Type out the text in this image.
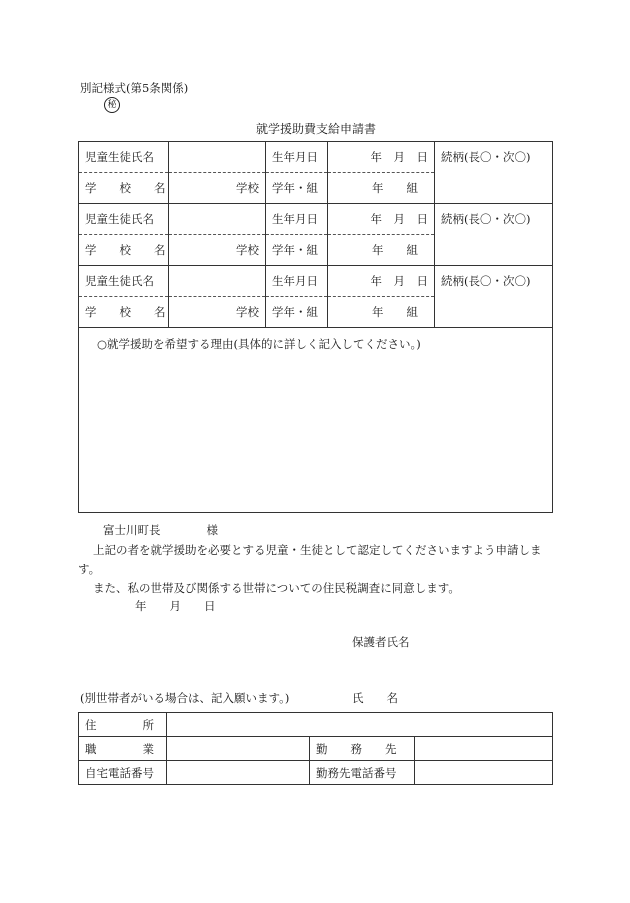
別記様式(第5条関係)
秘
就学援助費支給申請書
児童生徒氏名		生年月日	年　月　日	続柄(長〇・次〇)
学　　校　　名	学校	学年・組	年　　組	
児童生徒氏名		生年月日	年　月　日	続柄(長〇・次〇)
学　　校　　名	学校	学年・組	年　　組	
児童生徒氏名		生年月日	年　月　日	続柄(長〇・次〇)
学　　校　　名	学校	学年・組	年　　組	
○就学援助を希望する理由(具体的に詳しく記入してください。)				
富士川町長　　　　様
上記の者を就学援助を必要とする児童・生徒として認定してくださいますよう申請しま
す。
また、私の世帯及び関係する世帯についての住民税調査に同意します。
年　　月　　日
保護者氏名
(別世帯者がいる場合は、記入願います。)	氏　　名
住　　　　所			
職　　　　業		勤　　務　　先	
自宅電話番号		勤務先電話番号	
